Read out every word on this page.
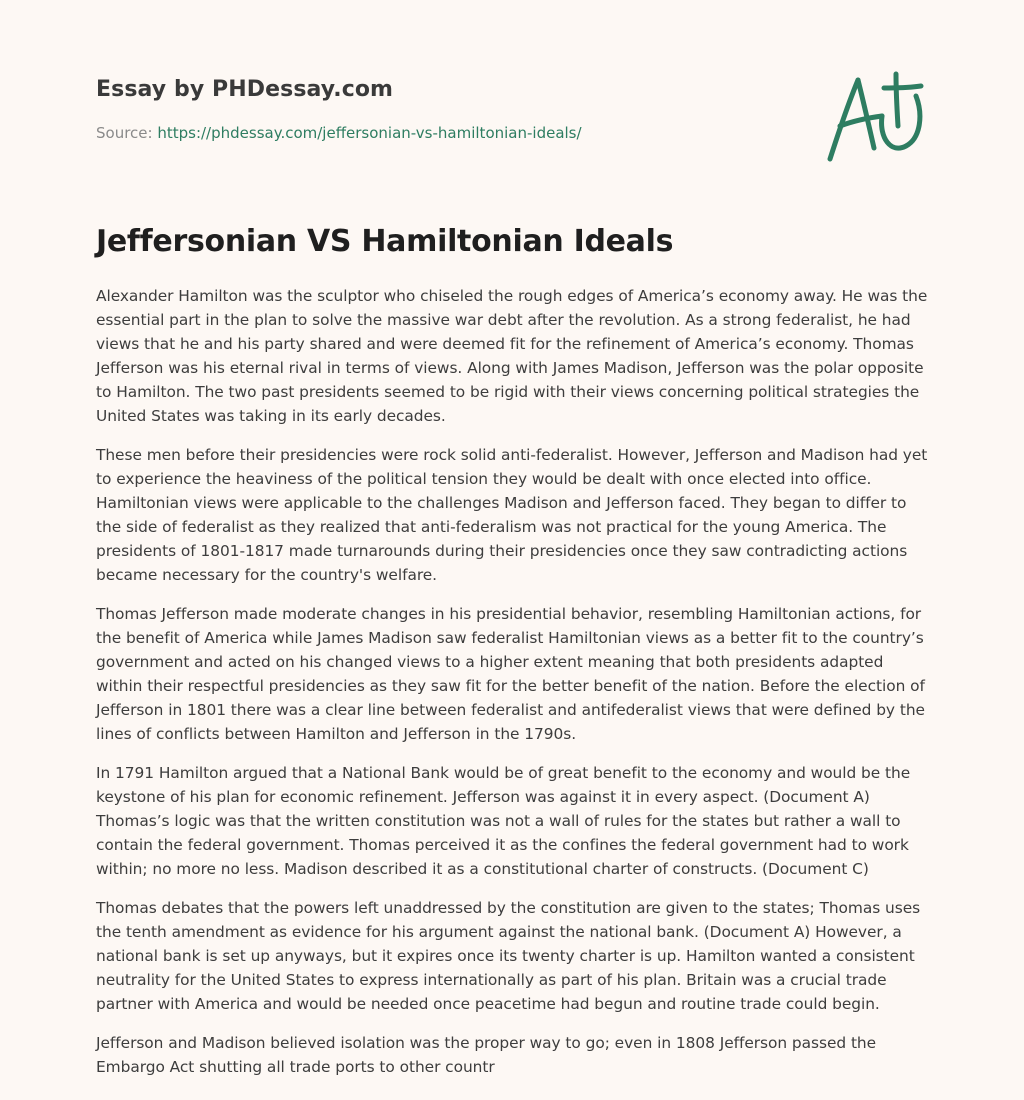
Essay by PHDessay.com
Source: https://phdessay.com/jeffersonian-vs-hamiltonian-ideals/
Jeffersonian VS Hamiltonian Ideals

Alexander Hamilton was the sculptor who chiseled the rough edges of America’s economy away. He was the essential part in the plan to solve the massive war debt after the revolution. As a strong federalist, he had views that he and his party shared and were deemed fit for the refinement of America’s economy. Thomas Jefferson was his eternal rival in terms of views. Along with James Madison, Jefferson was the polar opposite to Hamilton. The two past presidents seemed to be rigid with their views concerning political strategies the United States was taking in its early decades.

These men before their presidencies were rock solid anti-federalist. However, Jefferson and Madison had yet to experience the heaviness of the political tension they would be dealt with once elected into office. Hamiltonian views were applicable to the challenges Madison and Jefferson faced. They began to differ to the side of federalist as they realized that anti-federalism was not practical for the young America. The presidents of 1801-1817 made turnarounds during their presidencies once they saw contradicting actions became necessary for the country's welfare.

Thomas Jefferson made moderate changes in his presidential behavior, resembling Hamiltonian actions, for the benefit of America while James Madison saw federalist Hamiltonian views as a better fit to the country’s government and acted on his changed views to a higher extent meaning that both presidents adapted within their respectful presidencies as they saw fit for the better benefit of the nation. Before the election of Jefferson in 1801 there was a clear line between federalist and antifederalist views that were defined by the lines of conflicts between Hamilton and Jefferson in the 1790s.

In 1791 Hamilton argued that a National Bank would be of great benefit to the economy and would be the keystone of his plan for economic refinement. Jefferson was against it in every aspect. (Document A) Thomas’s logic was that the written constitution was not a wall of rules for the states but rather a wall to contain the federal government. Thomas perceived it as the confines the federal government had to work within; no more no less. Madison described it as a constitutional charter of constructs. (Document C)

Thomas debates that the powers left unaddressed by the constitution are given to the states; Thomas uses the tenth amendment as evidence for his argument against the national bank. (Document A) However, a national bank is set up anyways, but it expires once its twenty charter is up. Hamilton wanted a consistent neutrality for the United States to express internationally as part of his plan. Britain was a crucial trade partner with America and would be needed once peacetime had begun and routine trade could begin.

Jefferson and Madison believed isolation was the proper way to go; even in 1808 Jefferson passed the Embargo Act shutting all trade ports to other countr
